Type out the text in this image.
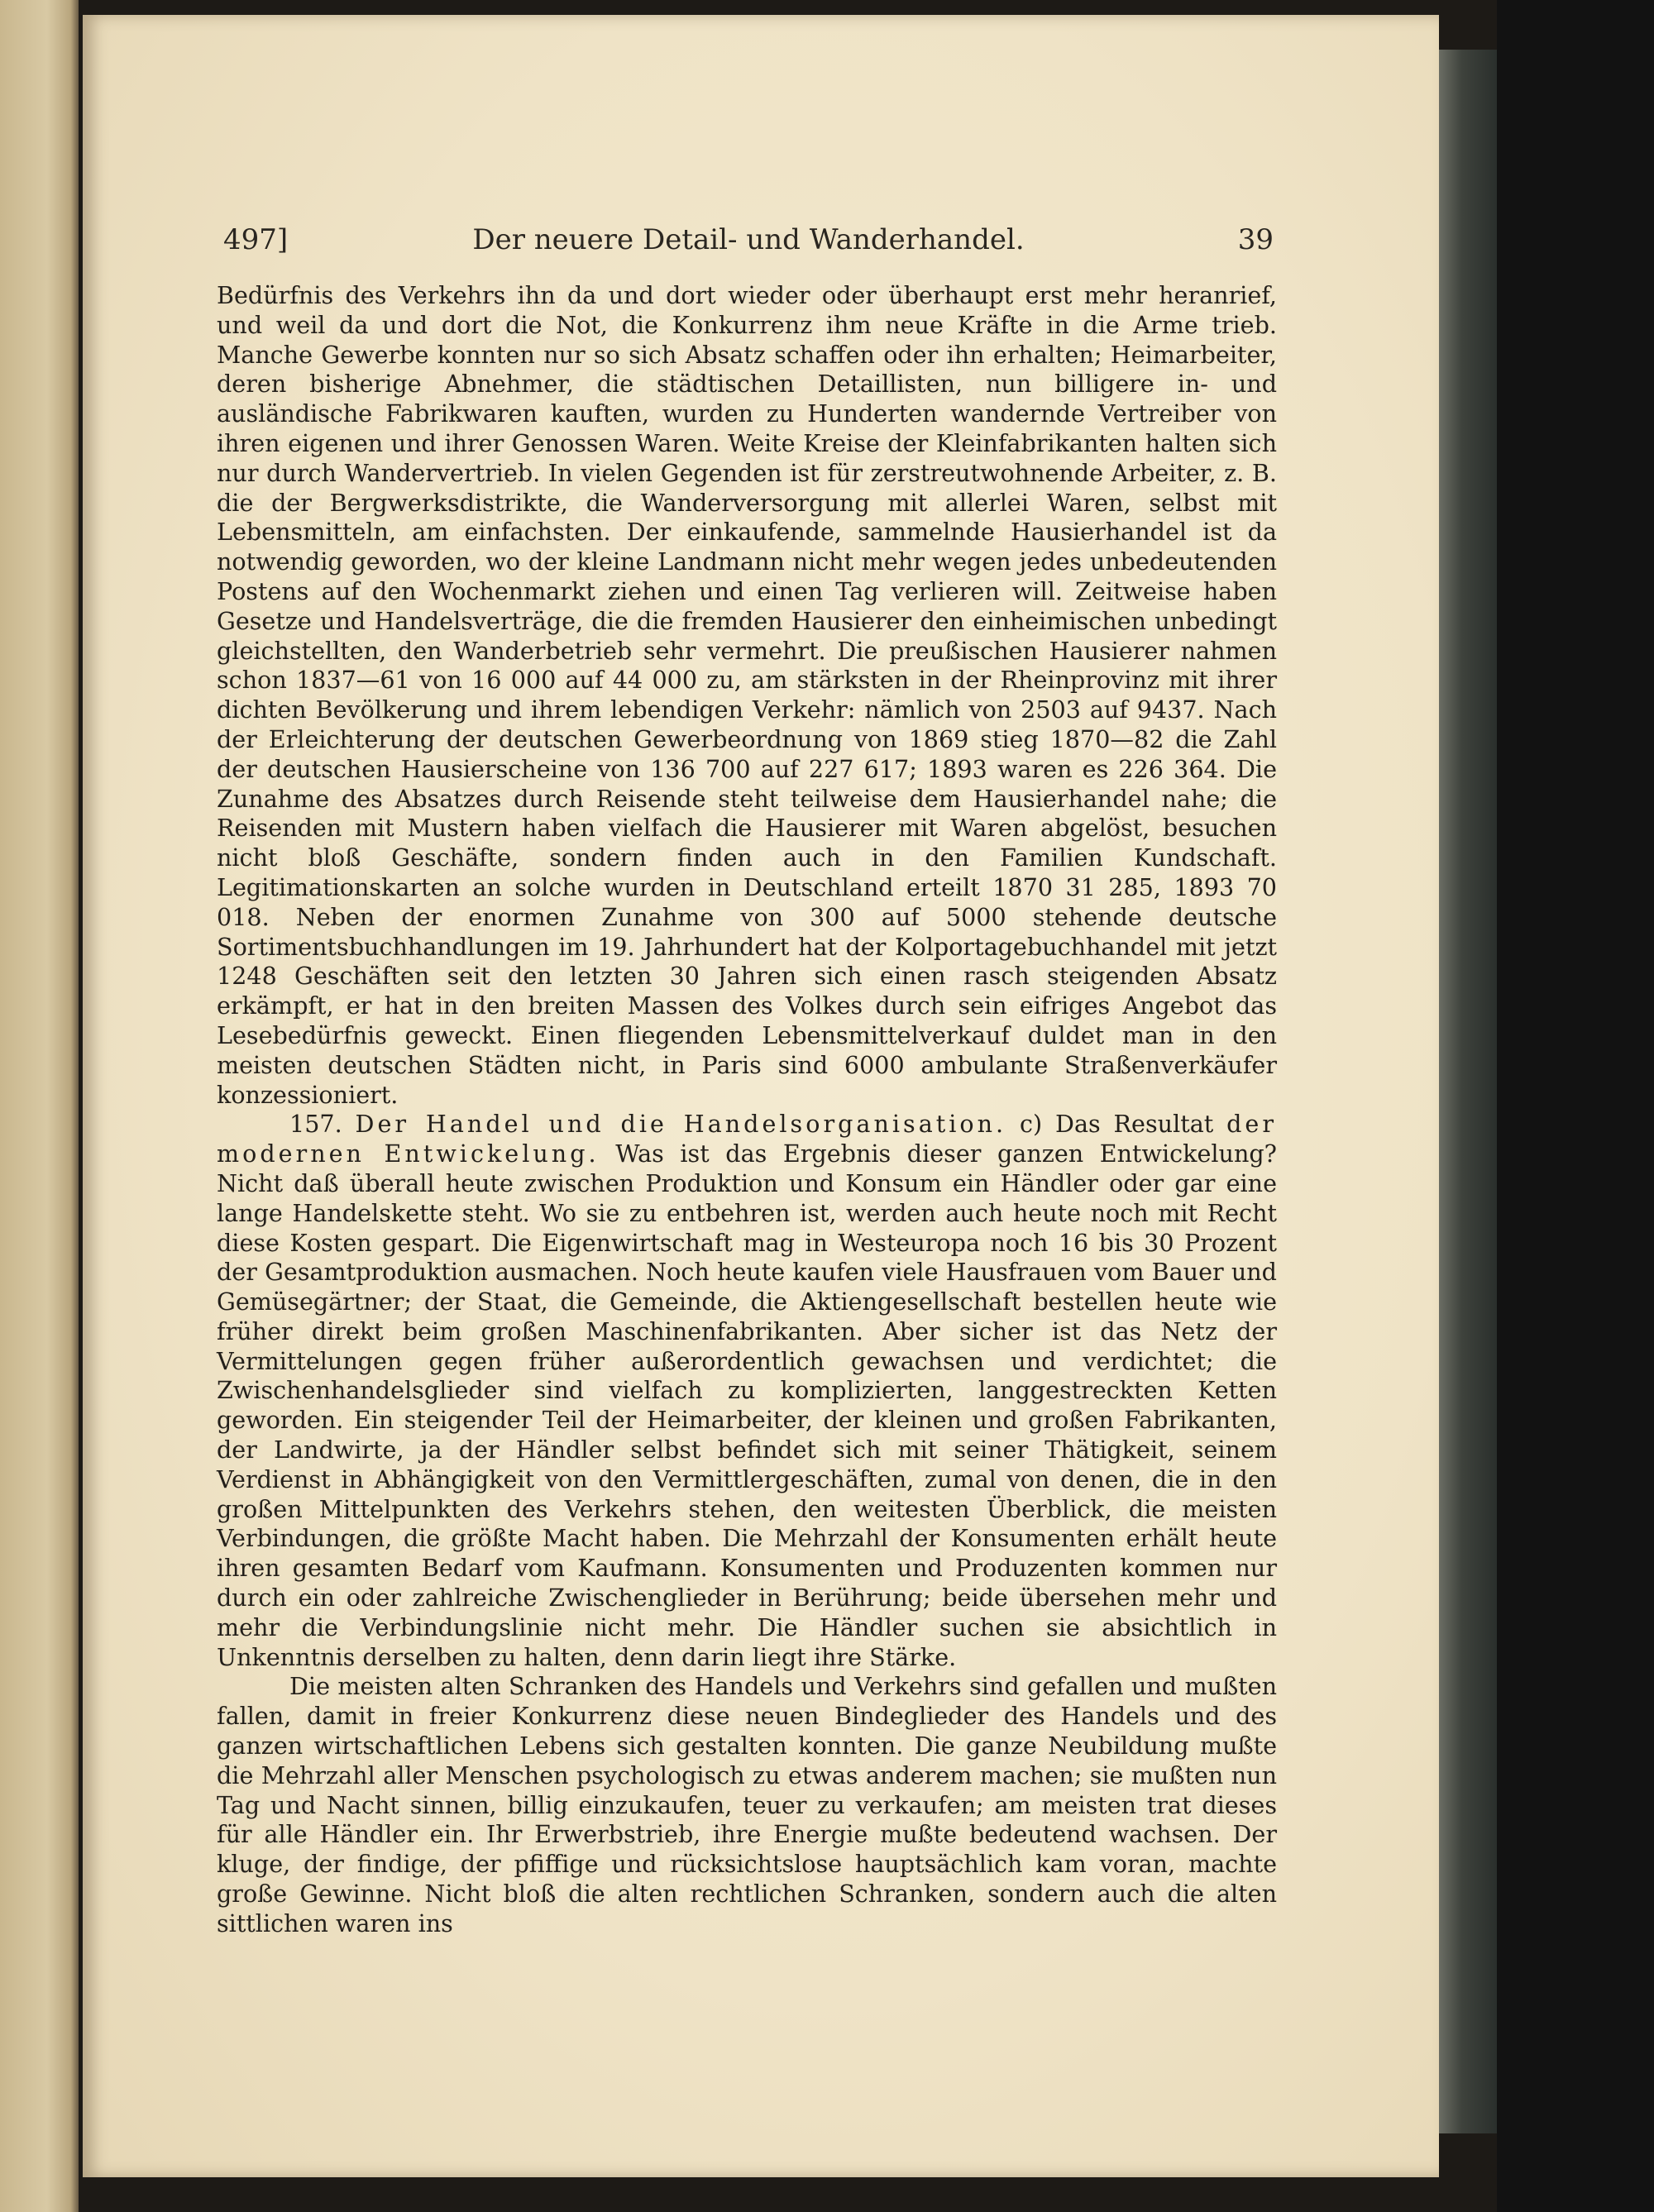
497]	Der neuere Detail- und Wanderhandel.	39

Bedürfnis des Verkehrs ihn da und dort wieder oder überhaupt erst mehr heranrief, und weil da und dort die Not, die Konkurrenz ihm neue Kräfte in die Arme trieb. Manche Gewerbe konnten nur so sich Absatz schaffen oder ihn erhalten; Heimarbeiter, deren bisherige Abnehmer, die städtischen Detaillisten, nun billigere in- und ausländische Fabrikwaren kauften, wurden zu Hunderten wandernde Vertreiber von ihren eigenen und ihrer Genossen Waren. Weite Kreise der Kleinfabrikanten halten sich nur durch Wandervertrieb. In vielen Gegenden ist für zerstreutwohnende Arbeiter, z. B. die der Bergwerksdistrikte, die Wanderversorgung mit allerlei Waren, selbst mit Lebensmitteln, am einfachsten. Der einkaufende, sammelnde Hausierhandel ist da notwendig geworden, wo der kleine Landmann nicht mehr wegen jedes unbedeutenden Postens auf den Wochenmarkt ziehen und einen Tag verlieren will. Zeitweise haben Gesetze und Handelsverträge, die die fremden Hausierer den einheimischen unbedingt gleichstellten, den Wanderbetrieb sehr vermehrt. Die preußischen Hausierer nahmen schon 1837—61 von 16 000 auf 44 000 zu, am stärksten in der Rheinprovinz mit ihrer dichten Bevölkerung und ihrem lebendigen Verkehr: nämlich von 2503 auf 9437. Nach der Erleichterung der deutschen Gewerbeordnung von 1869 stieg 1870—82 die Zahl der deutschen Hausierscheine von 136 700 auf 227 617; 1893 waren es 226 364. Die Zunahme des Absatzes durch Reisende steht teilweise dem Hausierhandel nahe; die Reisenden mit Mustern haben vielfach die Hausierer mit Waren abgelöst, besuchen nicht bloß Geschäfte, sondern finden auch in den Familien Kundschaft. Legitimationskarten an solche wurden in Deutschland erteilt 1870 31 285, 1893 70 018. Neben der enormen Zunahme von 300 auf 5000 stehende deutsche Sortimentsbuchhandlungen im 19. Jahrhundert hat der Kolportagebuchhandel mit jetzt 1248 Geschäften seit den letzten 30 Jahren sich einen rasch steigenden Absatz erkämpft, er hat in den breiten Massen des Volkes durch sein eifriges Angebot das Lesebedürfnis geweckt. Einen fliegenden Lebensmittelverkauf duldet man in den meisten deutschen Städten nicht, in Paris sind 6000 ambulante Straßenverkäufer konzessioniert.

157. Der Handel und die Handelsorganisation. c) Das Resultat der modernen Entwickelung. Was ist das Ergebnis dieser ganzen Entwickelung? Nicht daß überall heute zwischen Produktion und Konsum ein Händler oder gar eine lange Handelskette steht. Wo sie zu entbehren ist, werden auch heute noch mit Recht diese Kosten gespart. Die Eigenwirtschaft mag in Westeuropa noch 16 bis 30 Prozent der Gesamtproduktion ausmachen. Noch heute kaufen viele Hausfrauen vom Bauer und Gemüsegärtner; der Staat, die Gemeinde, die Aktiengesellschaft bestellen heute wie früher direkt beim großen Maschinenfabrikanten. Aber sicher ist das Netz der Vermittelungen gegen früher außerordentlich gewachsen und verdichtet; die Zwischenhandelsglieder sind vielfach zu komplizierten, langgestreckten Ketten geworden. Ein steigender Teil der Heimarbeiter, der kleinen und großen Fabrikanten, der Landwirte, ja der Händler selbst befindet sich mit seiner Thätigkeit, seinem Verdienst in Abhängigkeit von den Vermittlergeschäften, zumal von denen, die in den großen Mittelpunkten des Verkehrs stehen, den weitesten Überblick, die meisten Verbindungen, die größte Macht haben. Die Mehrzahl der Konsumenten erhält heute ihren gesamten Bedarf vom Kaufmann. Konsumenten und Produzenten kommen nur durch ein oder zahlreiche Zwischenglieder in Berührung; beide übersehen mehr und mehr die Verbindungslinie nicht mehr. Die Händler suchen sie absichtlich in Unkenntnis derselben zu halten, denn darin liegt ihre Stärke.

Die meisten alten Schranken des Handels und Verkehrs sind gefallen und mußten fallen, damit in freier Konkurrenz diese neuen Bindeglieder des Handels und des ganzen wirtschaftlichen Lebens sich gestalten konnten. Die ganze Neubildung mußte die Mehrzahl aller Menschen psychologisch zu etwas anderem machen; sie mußten nun Tag und Nacht sinnen, billig einzukaufen, teuer zu verkaufen; am meisten trat dieses für alle Händler ein. Ihr Erwerbstrieb, ihre Energie mußte bedeutend wachsen. Der kluge, der findige, der pfiffige und rücksichtslose hauptsächlich kam voran, machte große Gewinne. Nicht bloß die alten rechtlichen Schranken, sondern auch die alten sittlichen waren ins
